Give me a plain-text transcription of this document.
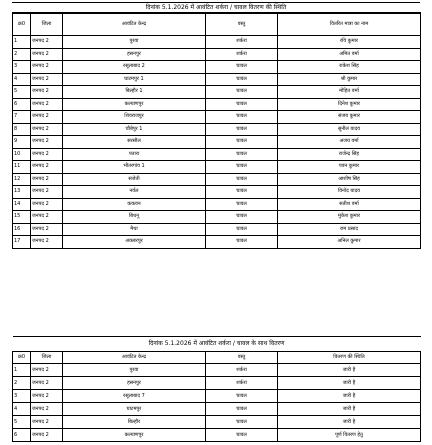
दिनांक 5.1.2026 में आवंटित शर्करा / चावल वितरण की स्थिति
क्र0	जिला	आवंटित केन्द्र	वस्तु	वितरित मात्रा का नाम
1	जनपद 2	पुरवा	शर्करा	रवि कुमार
2	जनपद 2	हसनपुर	शर्करा	अमित वर्मा
3	जनपद 2	रसूलाबाद 2	चावल	राकेश सिंह
4	जनपद 2	घाटमपुर 1	चावल	श्री कुमार
5	जनपद 2	बिल्हौर 1	चावल	मोहित वर्मा
6	जनपद 2	कल्याणपुर	चावल	दिनेश कुमार
7	जनपद 2	शिवराजपुर	चावल	संजय कुमार
8	जनपद 2	चौबेपुर 1	चावल	सुनील यादव
9	जनपद 2	सरसौल	चावल	अजय वर्मा
10	जनपद 2	पतारा	चावल	राजेन्द्र सिंह
11	जनपद 2	भीतरगांव 1	चावल	पवन कुमार
12	जनपद 2	सजेती	चावल	आशीष सिंह
13	जनपद 2	नर्वल	चावल	विनोद यादव
14	जनपद 2	ककवन	चावल	सतीश वर्मा
15	जनपद 2	बिधनू	चावल	मुकेश कुमार
16	जनपद 2	मैथा	चावल	राम प्रसाद
17	जनपद 2	अकबरपुर	चावल	अनिल कुमार
दिनांक 5.1.2026 में आवंटित शर्करा / चावल के साथ वितरण				
क्र0	जिला	आवंटित केन्द्र	वस्तु	वितरण की स्थिति
1	जनपद 2	पुरवा	शर्करा	जारी है
2	जनपद 2	हसनपुर	शर्करा	जारी है
3	जनपद 2	रसूलाबाद 7	चावल	जारी है
4	जनपद 2	घाटमपुर	चावल	जारी है
5	जनपद 2	बिल्हौर	चावल	जारी है
6	जनपद 2	कल्याणपुर	चावल	पूर्ण वितरण हेतु
